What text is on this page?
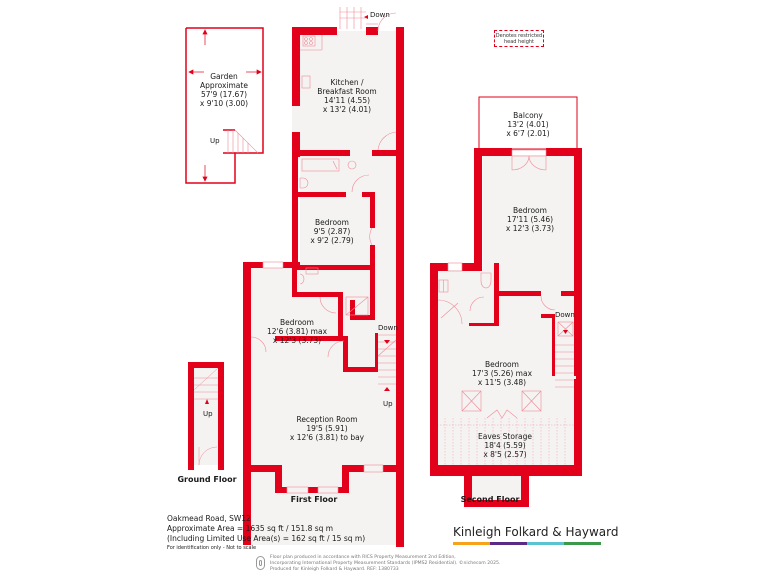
Denotes restricted head height
Garden
Approximate
57'9 (17.67)
x 9'10 (3.00)
Up
Up
Ground Floor
Down
Kitchen /
Breakfast Room
14'11 (4.55)
x 13'2 (4.01)
Bedroom
9'5 (2.87)
x 9'2 (2.79)
Bedroom
12'6 (3.81) max
x 12'3 (3.73)
Down
Up
Reception Room
19'5 (5.91)
x 12'6 (3.81) to bay
First Floor
Balcony
13'2 (4.01)
x 6'7 (2.01)
Bedroom
17'11 (5.46)
x 12'3 (3.73)
Down
Bedroom
17'3 (5.26) max
x 11'5 (3.48)
Eaves Storage
18'4 (5.59)
x 8'5 (2.57)
Second Floor
Oakmead Road, SW12
Approximate Area = 1635 sq ft / 151.8 sq m
(Including Limited Use Area(s) = 162 sq ft / 15 sq m)
For identification only - Not to scale
Kinleigh Folkard & Hayward
Floor plan produced in accordance with RICS Property Measurement 2nd Edition,
Incorporating International Property Measurement Standards (IPMS2 Residential). ©nichecom 2025.
Produced for Kinleigh Folkard & Hayward. REF: 1380733
